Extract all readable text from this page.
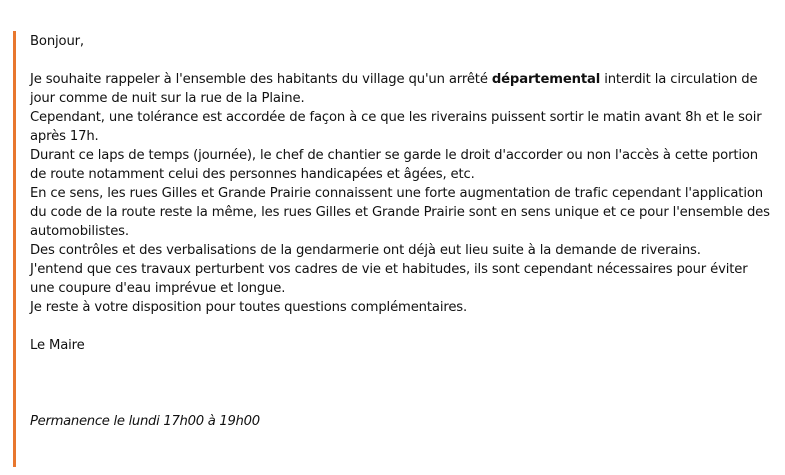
Bonjour,

Je souhaite rappeler à l'ensemble des habitants du village qu'un arrêté départemental interdit la circulation de jour comme de nuit sur la rue de la Plaine.

Cependant, une tolérance est accordée de façon à ce que les riverains puissent sortir le matin avant 8h et le soir après 17h.

Durant ce laps de temps (journée), le chef de chantier se garde le droit d'accorder ou non l'accès à cette portion de route notamment celui des personnes handicapées et âgées, etc.

En ce sens, les rues Gilles et Grande Prairie connaissent une forte augmentation de trafic cependant l'application du code de la route reste la même, les rues Gilles et Grande Prairie sont en sens unique et ce pour l'ensemble des automobilistes.

Des contrôles et des verbalisations de la gendarmerie ont déjà eut lieu suite à la demande de riverains.

J'entend que ces travaux perturbent vos cadres de vie et habitudes, ils sont cependant nécessaires pour éviter une coupure d'eau imprévue et longue.

Je reste à votre disposition pour toutes questions complémentaires.

Le Maire

Permanence le lundi 17h00 à 19h00
